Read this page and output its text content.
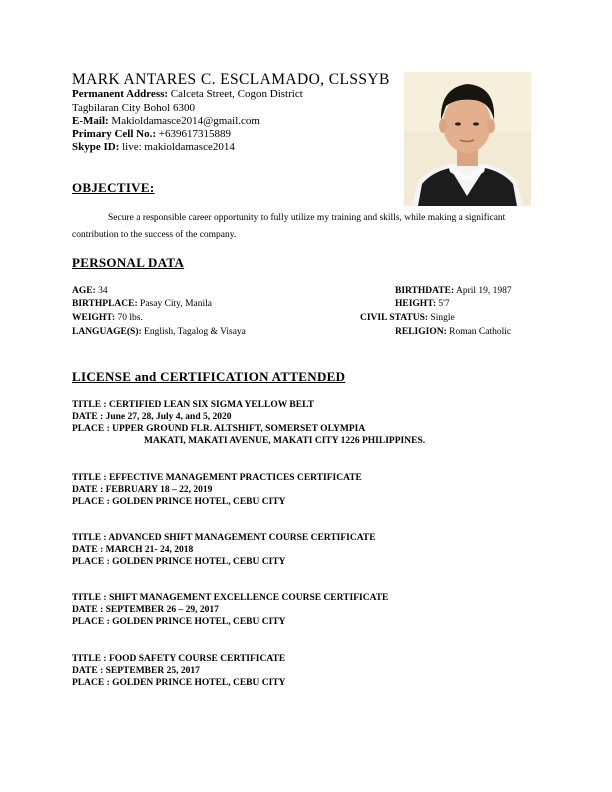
MARK ANTARES C. ESCLAMADO, CLSSYB
Permanent Address: Calceta Street, Cogon District
Tagbilaran City Bohol 6300
E-Mail: Makioldamasce2014@gmail.com
Primary Cell No.: +639617315889
Skype ID: live: makioldamasce2014
OBJECTIVE:
Secure a responsible career opportunity to fully utilize my training and skills, while making a significant contribution to the success of the company.
PERSONAL DATA
AGE: 34
BIRTHPLACE: Pasay City, Manila
WEIGHT: 70 lbs.
LANGUAGE(S): English, Tagalog & Visaya
BIRTHDATE: April 19, 1987
HEIGHT: 5'7
CIVIL STATUS: Single
RELIGION: Roman Catholic
LICENSE and CERTIFICATION ATTENDED
TITLE : CERTIFIED LEAN SIX SIGMA YELLOW BELT
DATE : June 27, 28, July 4, and 5, 2020
PLACE : UPPER GROUND FLR. ALTSHIFT, SOMERSET OLYMPIA
MAKATI, MAKATI AVENUE, MAKATI CITY 1226 PHILIPPINES.
TITLE : EFFECTIVE MANAGEMENT PRACTICES CERTIFICATE
DATE : FEBRUARY 18 – 22, 2019
PLACE : GOLDEN PRINCE HOTEL, CEBU CITY
TITLE : ADVANCED SHIFT MANAGEMENT COURSE CERTIFICATE
DATE : MARCH 21- 24, 2018
PLACE : GOLDEN PRINCE HOTEL, CEBU CITY
TITLE : SHIFT MANAGEMENT EXCELLENCE COURSE CERTIFICATE
DATE : SEPTEMBER 26 – 29, 2017
PLACE : GOLDEN PRINCE HOTEL, CEBU CITY
TITLE : FOOD SAFETY COURSE CERTIFICATE
DATE : SEPTEMBER 25, 2017
PLACE : GOLDEN PRINCE HOTEL, CEBU CITY
